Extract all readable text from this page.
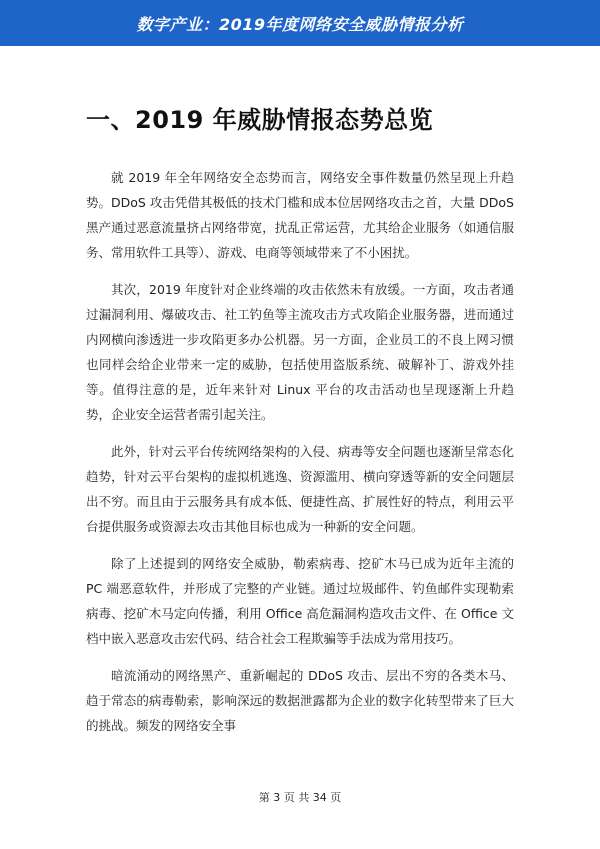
数字产业：2019年度网络安全威胁情报分析
一、2019 年威胁情报态势总览

就 2019 年全年网络安全态势而言，网络安全事件数量仍然呈现上升趋势。DDoS 攻击凭借其极低的技术门槛和成本位居网络攻击之首，大量 DDoS 黑产通过恶意流量挤占网络带宽，扰乱正常运营，尤其给企业服务（如通信服务、常用软件工具等）、游戏、电商等领域带来了不小困扰。

其次，2019 年度针对企业终端的攻击依然未有放缓。一方面，攻击者通过漏洞利用、爆破攻击、社工钓鱼等主流攻击方式攻陷企业服务器，进而通过内网横向渗透进一步攻陷更多办公机器。另一方面，企业员工的不良上网习惯也同样会给企业带来一定的威胁，包括使用盗版系统、破解补丁、游戏外挂等。值得注意的是，近年来针对 Linux 平台的攻击活动也呈现逐渐上升趋势，企业安全运营者需引起关注。

此外，针对云平台传统网络架构的入侵、病毒等安全问题也逐渐呈常态化趋势，针对云平台架构的虚拟机逃逸、资源滥用、横向穿透等新的安全问题层出不穷。而且由于云服务具有成本低、便捷性高、扩展性好的特点，利用云平台提供服务或资源去攻击其他目标也成为一种新的安全问题。

除了上述提到的网络安全威胁，勒索病毒、挖矿木马已成为近年主流的 PC 端恶意软件，并形成了完整的产业链。通过垃圾邮件、钓鱼邮件实现勒索病毒、挖矿木马定向传播，利用 Office 高危漏洞构造攻击文件、在 Office 文档中嵌入恶意攻击宏代码、结合社会工程欺骗等手法成为常用技巧。

暗流涌动的网络黑产、重新崛起的 DDoS 攻击、层出不穷的各类木马、趋于常态的病毒勒索，影响深远的数据泄露都为企业的数字化转型带来了巨大的挑战。频发的网络安全事

第 3 页 共 34 页
